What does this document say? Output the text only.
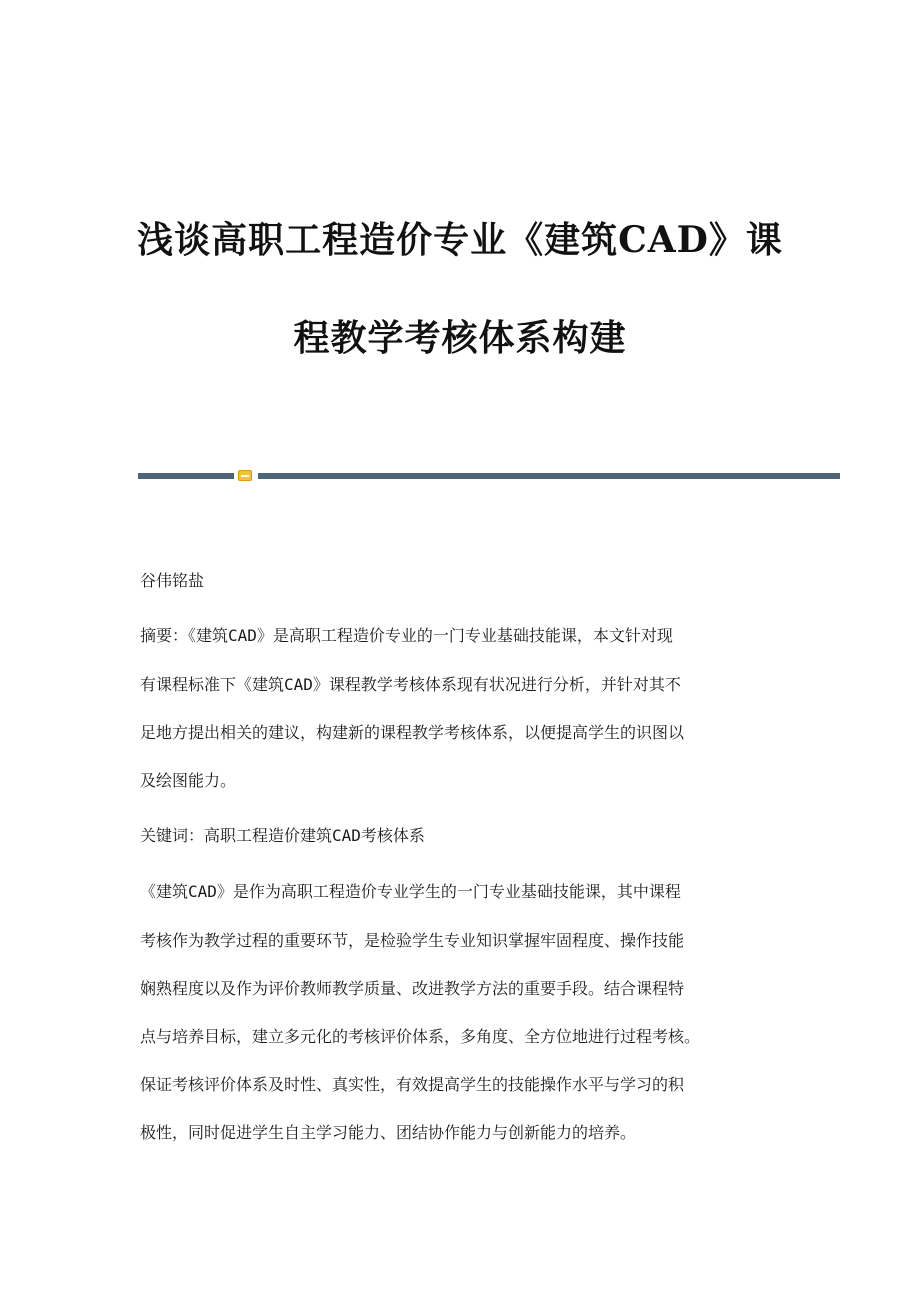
浅谈高职工程造价专业《建筑CAD》课
程教学考核体系构建

谷伟铭盐

摘要：《建筑CAD》是高职工程造价专业的一门专业基础技能课，本文针对现

有课程标准下《建筑CAD》课程教学考核体系现有状况进行分析，并针对其不

足地方提出相关的建议，构建新的课程教学考核体系，以便提高学生的识图以

及绘图能力。

关键词：高职工程造价建筑CAD考核体系

《建筑CAD》是作为高职工程造价专业学生的一门专业基础技能课，其中课程

考核作为教学过程的重要环节，是检验学生专业知识掌握牢固程度、操作技能

娴熟程度以及作为评价教师教学质量、改进教学方法的重要手段。结合课程特

点与培养目标，建立多元化的考核评价体系，多角度、全方位地进行过程考核。

保证考核评价体系及时性、真实性，有效提高学生的技能操作水平与学习的积

极性，同时促进学生自主学习能力、团结协作能力与创新能力的培养。
